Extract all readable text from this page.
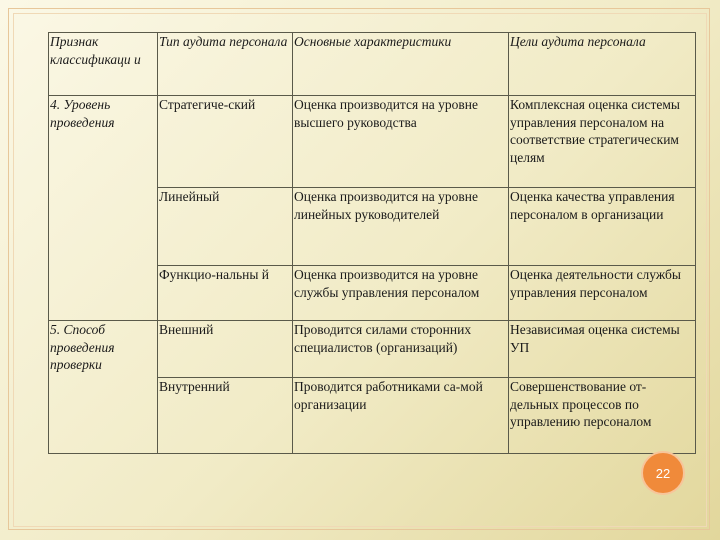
Признак классификаци и	Тип аудита персонала	Основные характеристики	Цели аудита персонала
4. Уровень проведения	Стратегиче-ский	Оценка производится на уровне высшего руководства	Комплексная оценка системы управления персоналом на соответствие стратегическим целям
	Линейный	Оценка производится на уровне линейных руководителей	Оценка качества управления персоналом в организации
	Функцио-нальны й	Оценка производится на уровне службы управления персоналом	Оценка деятельности службы управления персоналом
5. Способ проведения проверки	Внешний	Проводится силами сторонних специалистов (организаций)	Независимая оценка системы УП
	Внутренний	Проводится работниками са-мой организации	Совершенствование от-дельных процессов по управлению персоналом
22
